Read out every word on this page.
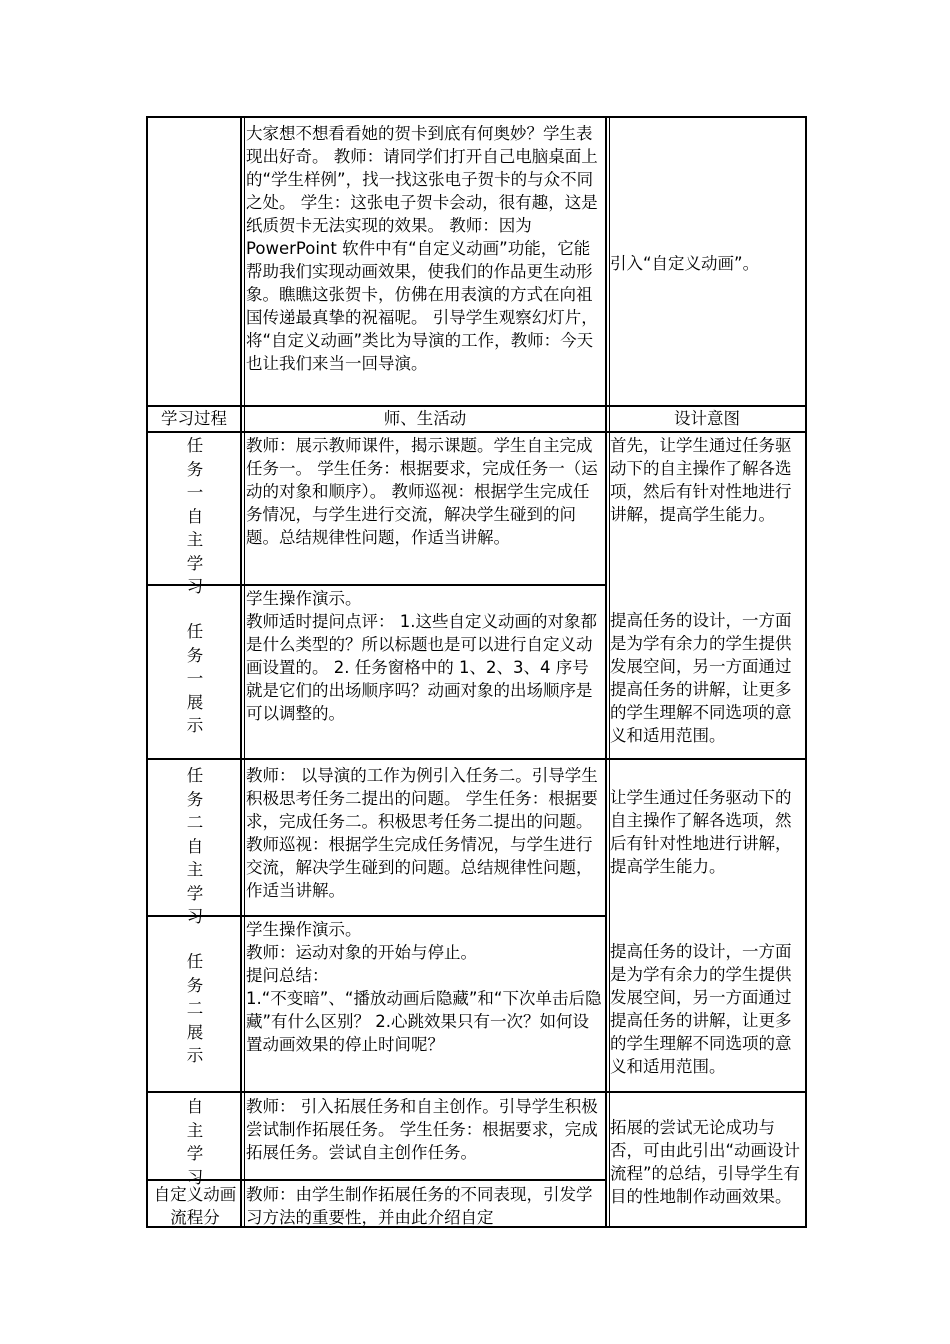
大家想不想看看她的贺卡到底有何奥妙？学生表现出好奇。 教师：请同学们打开自己电脑桌面上的“学生样例”，找一找这张电子贺卡的与众不同之处。 学生：这张电子贺卡会动，很有趣，这是纸质贺卡无法实现的效果。 教师：因为 PowerPoint 软件中有“自定义动画”功能，它能帮助我们实现动画效果，使我们的作品更生动形象。瞧瞧这张贺卡，仿佛在用表演的方式在向祖国传递最真挚的祝福呢。 引导学生观察幻灯片，将“自定义动画”类比为导演的工作，教师：今天也让我们来当一回导演。
引入“自定义动画”。
学习过程	师、生活动	设计意图
任务一自主学习
教师：展示教师课件，揭示课题。学生自主完成任务一。 学生任务：根据要求，完成任务一（运动的对象和顺序）。 教师巡视：根据学生完成任务情况，与学生进行交流，解决学生碰到的问题。总结规律性问题，作适当讲解。
首先，让学生通过任务驱动下的自主操作了解各选项，然后有针对性地进行讲解，提高学生能力。
任务一展示
学生操作演示。
教师适时提问点评： 1.这些自定义动画的对象都是什么类型的？所以标题也是可以进行自定义动画设置的。 2. 任务窗格中的 1、2、3、4 序号就是它们的出场顺序吗？动画对象的出场顺序是可以调整的。
提高任务的设计，一方面是为学有余力的学生提供发展空间，另一方面通过提高任务的讲解，让更多的学生理解不同选项的意义和适用范围。
任务二自主学习
教师： 以导演的工作为例引入任务二。引导学生积极思考任务二提出的问题。 学生任务：根据要求，完成任务二。积极思考任务二提出的问题。 教师巡视：根据学生完成任务情况，与学生进行交流，解决学生碰到的问题。总结规律性问题，作适当讲解。
让学生通过任务驱动下的自主操作了解各选项，然后有针对性地进行讲解，提高学生能力。
任务二展示
学生操作演示。
教师：运动对象的开始与停止。
提问总结：
1.“不变暗”、“播放动画后隐藏”和“下次单击后隐藏”有什么区别？ 2.心跳效果只有一次？如何设置动画效果的停止时间呢？
提高任务的设计，一方面是为学有余力的学生提供发展空间，另一方面通过提高任务的讲解，让更多的学生理解不同选项的意义和适用范围。
自主学习
教师： 引入拓展任务和自主创作。引导学生积极尝试制作拓展任务。 学生任务：根据要求，完成拓展任务。尝试自主创作任务。
拓展的尝试无论成功与否，可由此引出“动画设计流程”的总结，引导学生有目的性地制作动画效果。
自定义动画流程分
教师：由学生制作拓展任务的不同表现，引发学习方法的重要性，并由此介绍自定
